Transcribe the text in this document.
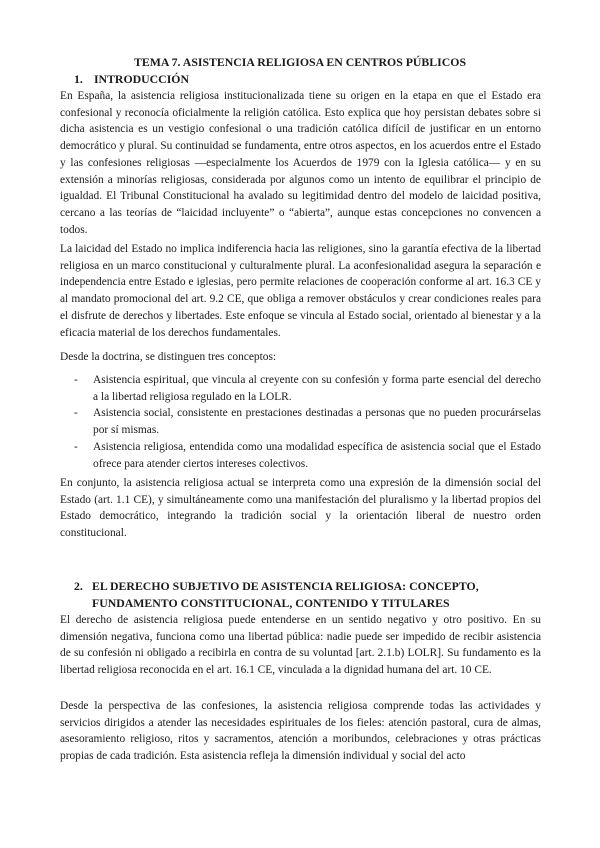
TEMA 7. ASISTENCIA RELIGIOSA EN CENTROS PÚBLICOS
1. INTRODUCCIÓN

En España, la asistencia religiosa institucionalizada tiene su origen en la etapa en que el Estado era confesional y reconocía oficialmente la religión católica. Esto explica que hoy persistan debates sobre si dicha asistencia es un vestigio confesional o una tradición católica difícil de justificar en un entorno democrático y plural. Su continuidad se fundamenta, entre otros aspectos, en los acuerdos entre el Estado y las confesiones religiosas —especialmente los Acuerdos de 1979 con la Iglesia católica— y en su extensión a minorías religiosas, considerada por algunos como un intento de equilibrar el principio de igualdad. El Tribunal Constitucional ha avalado su legitimidad dentro del modelo de laicidad positiva, cercano a las teorías de “laicidad incluyente” o “abierta”, aunque estas concepciones no convencen a todos.

La laicidad del Estado no implica indiferencia hacia las religiones, sino la garantía efectiva de la libertad religiosa en un marco constitucional y culturalmente plural. La aconfesionalidad asegura la separación e independencia entre Estado e iglesias, pero permite relaciones de cooperación conforme al art. 16.3 CE y al mandato promocional del art. 9.2 CE, que obliga a remover obstáculos y crear condiciones reales para el disfrute de derechos y libertades. Este enfoque se vincula al Estado social, orientado al bienestar y a la eficacia material de los derechos fundamentales.

Desde la doctrina, se distinguen tres conceptos:

- Asistencia espiritual, que vincula al creyente con su confesión y forma parte esencial del derecho a la libertad religiosa regulado en la LOLR.
- Asistencia social, consistente en prestaciones destinadas a personas que no pueden procurárselas por sí mismas.
- Asistencia religiosa, entendida como una modalidad específica de asistencia social que el Estado ofrece para atender ciertos intereses colectivos.

En conjunto, la asistencia religiosa actual se interpreta como una expresión de la dimensión social del Estado (art. 1.1 CE), y simultáneamente como una manifestación del pluralismo y la libertad propios del Estado democrático, integrando la tradición social y la orientación liberal de nuestro orden constitucional.

2. EL DERECHO SUBJETIVO DE ASISTENCIA RELIGIOSA: CONCEPTO, FUNDAMENTO CONSTITUCIONAL, CONTENIDO Y TITULARES

El derecho de asistencia religiosa puede entenderse en un sentido negativo y otro positivo. En su dimensión negativa, funciona como una libertad pública: nadie puede ser impedido de recibir asistencia de su confesión ni obligado a recibirla en contra de su voluntad [art. 2.1.b) LOLR]. Su fundamento es la libertad religiosa reconocida en el art. 16.1 CE, vinculada a la dignidad humana del art. 10 CE.

Desde la perspectiva de las confesiones, la asistencia religiosa comprende todas las actividades y servicios dirigidos a atender las necesidades espirituales de los fieles: atención pastoral, cura de almas, asesoramiento religioso, ritos y sacramentos, atención a moribundos, celebraciones y otras prácticas propias de cada tradición. Esta asistencia refleja la dimensión individual y social del acto
